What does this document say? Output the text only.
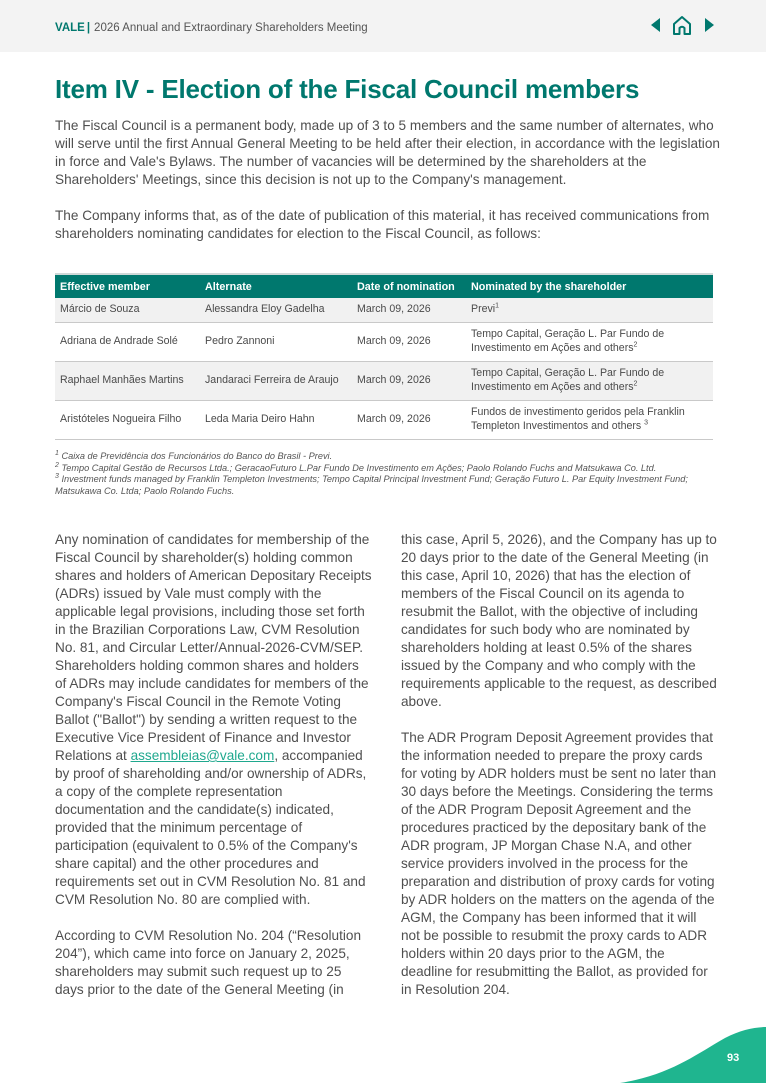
VALE | 2026 Annual and Extraordinary Shareholders Meeting
Item IV - Election of the Fiscal Council members

The Fiscal Council is a permanent body, made up of 3 to 5 members and the same number of alternates, who will serve until the first Annual General Meeting to be held after their election, in accordance with the legislation in force and Vale's Bylaws. The number of vacancies will be determined by the shareholders at the Shareholders' Meetings, since this decision is not up to the Company's management.

The Company informs that, as of the date of publication of this material, it has received communications from shareholders nominating candidates for election to the Fiscal Council, as follows:

Effective member	Alternate	Date of nomination	Nominated by the shareholder
Márcio de Souza	Alessandra Eloy Gadelha	March 09, 2026	Previ$^1$
Adriana de Andrade Solé	Pedro Zannoni	March 09, 2026	Tempo Capital, Geração L. Par Fundo de Investimento em Ações and others$^2$
Raphael Manhães Martins	Jandaraci Ferreira de Araujo	March 09, 2026	Tempo Capital, Geração L. Par Fundo de Investimento em Ações and others$^2$
Aristóteles Nogueira Filho	Leda Maria Deiro Hahn	March 09, 2026	Fundos de investimento geridos pela Franklin Templeton Investimentos and others $^3$
$^1$ Caixa de Previdência dos Funcionários do Banco do Brasil - Previ.
$^2$ Tempo Capital Gestão de Recursos Ltda.; GeracaoFuturo L.Par Fundo De Investimento em Ações; Paolo Rolando Fuchs and Matsukawa Co. Ltd.
$^3$ Investment funds managed by Franklin Templeton Investments; Tempo Capital Principal Investment Fund; Geração Futuro L. Par Equity Investment Fund; Matsukawa Co. Ltda; Paolo Rolando Fuchs.

Any nomination of candidates for membership of the Fiscal Council by shareholder(s) holding common shares and holders of American Depositary Receipts (ADRs) issued by Vale must comply with the applicable legal provisions, including those set forth in the Brazilian Corporations Law, CVM Resolution No. 81, and Circular Letter/Annual-2026-CVM/SEP. Shareholders holding common shares and holders of ADRs may include candidates for members of the Company's Fiscal Council in the Remote Voting Ballot ("Ballot") by sending a written request to the Executive Vice President of Finance and Investor Relations at assembleias@vale.com, accompanied by proof of shareholding and/or ownership of ADRs, a copy of the complete representation documentation and the candidate(s) indicated, provided that the minimum percentage of participation (equivalent to 0.5% of the Company's share capital) and the other procedures and requirements set out in CVM Resolution No. 81 and CVM Resolution No. 80 are complied with.

According to CVM Resolution No. 204 (“Resolution 204”), which came into force on January 2, 2025, shareholders may submit such request up to 25 days prior to the date of the General Meeting (in

this case, April 5, 2026), and the Company has up to 20 days prior to the date of the General Meeting (in this case, April 10, 2026) that has the election of members of the Fiscal Council on its agenda to resubmit the Ballot, with the objective of including candidates for such body who are nominated by shareholders holding at least 0.5% of the shares issued by the Company and who comply with the requirements applicable to the request, as described above.

The ADR Program Deposit Agreement provides that the information needed to prepare the proxy cards for voting by ADR holders must be sent no later than 30 days before the Meetings. Considering the terms of the ADR Program Deposit Agreement and the procedures practiced by the depositary bank of the ADR program, JP Morgan Chase N.A, and other service providers involved in the process for the preparation and distribution of proxy cards for voting by ADR holders on the matters on the agenda of the AGM, the Company has been informed that it will not be possible to resubmit the proxy cards to ADR holders within 20 days prior to the AGM, the deadline for resubmitting the Ballot, as provided for in Resolution 204.

93
